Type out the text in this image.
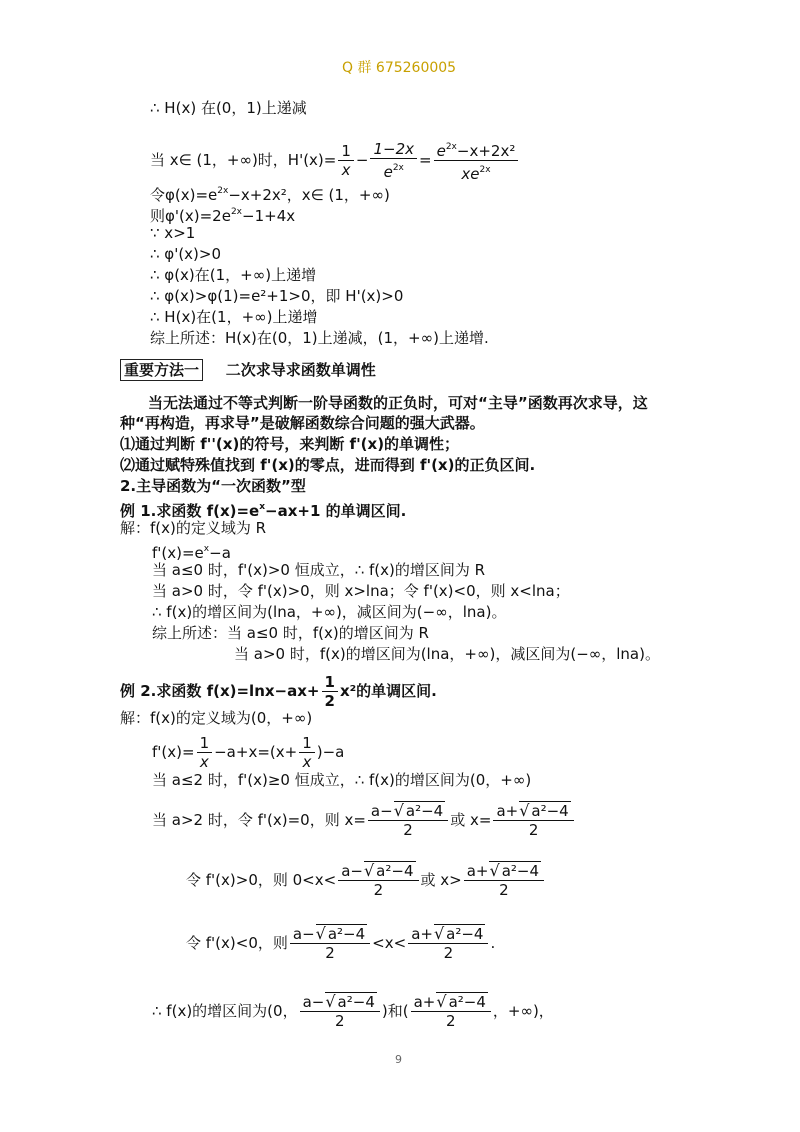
Q 群 675260005
∴ H(x) 在(0，1)上递减
当 x∈ (1，+∞)时，$H'(x)= \frac{1}{x} - \frac{1-2x}{e^{2x}} = \frac{e^{2x}-x+2x^2}{xe^{2x}}$
令$\varphi(x)=e^{2x}-x+2x^2$，x∈ (1，+∞)
则$\varphi'(x)=2e^{2x}-1+4x$
∵ x>1
∴ φ'(x)>0
∴ φ(x)在(1，+∞)上递增
∴ φ(x)>φ(1)=e²+1>0，即 H'(x)>0
∴ H(x)在(1，+∞)上递增
综上所述：H(x)在(0，1)上递减，(1，+∞)上递增.
重要方法一 二次求导求函数单调性
当无法通过不等式判断一阶导函数的正负时，可对“主导”函数再次求导，这
种“再构造，再求导”是破解函数综合问题的强大武器。
⑴通过判断 f''(x)的符号，来判断 f'(x)的单调性；
⑵通过赋特殊值找到 f'(x)的零点，进而得到 f'(x)的正负区间.
2.主导函数为“一次函数”型
例 1.求函数 $f(x)=e^x-ax+1$ 的单调区间.
解：f(x)的定义域为 R
$f'(x)=e^x-a$
当 a≤0 时，f'(x)>0 恒成立，∴ f(x)的增区间为 R
当 a>0 时，令 f'(x)>0，则 x>lna；令 f'(x)<0，则 x<lna；
∴ f(x)的增区间为(lna，+∞)，减区间为(−∞，lna)。
综上所述：当 a≤0 时，f(x)的增区间为 R
当 a>0 时，f(x)的增区间为(lna，+∞)，减区间为(−∞，lna)。
例 2.求函数 $f(x)=\ln x-ax+ \frac{1}{2} x^2$的单调区间.
解：f(x)的定义域为(0，+∞)
$f'(x)= \frac{1}{x} -a+x=(x+ \frac{1}{x} )-a$
当 a≤2 时，f'(x)≥0 恒成立，∴ f(x)的增区间为(0，+∞)
当 a>2 时，令 f'(x)=0，则 $x= \frac{\text{a− √ a²−4}}{2}$ 或 $x= \frac{\text{a+ √ a²−4}}{2}$
令 f'(x)>0，则 $0<x< \frac{\text{a− √ a²−4}}{2}$ 或 $x> \frac{\text{a+ √ a²−4}}{2}$
令 f'(x)<0，则 $\frac{\text{a− √ a²−4}}{2} <x< \frac{\text{a+ √ a²−4}}{2}$ .
∴ f(x)的增区间为(0， $\frac{\text{a− √ a²−4}}{2}$ )和( $\frac{\text{a+ √ a²−4}}{2}$ ，+∞)，
9
